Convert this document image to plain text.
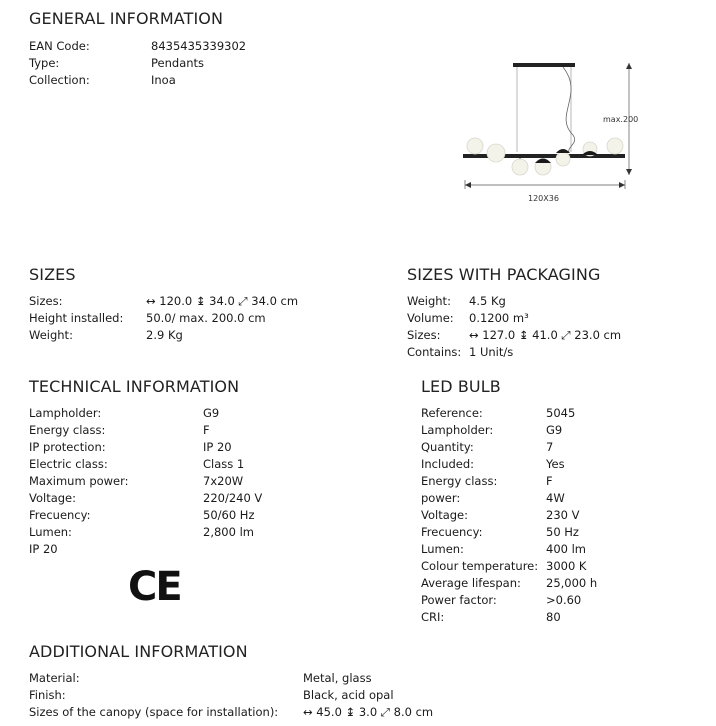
GENERAL INFORMATION
EAN Code:	8435435339302
Type:	Pendants
Collection:	Inoa
max.200
120X36
SIZES
Sizes:	↔ 120.0 ↨ 34.0 ⤢ 34.0 cm
Height installed: 50.0/ max. 200.0 cm
Weight:	2.9 Kg
SIZES WITH PACKAGING
Weight: 4.5 Kg
Volume: 0.1200 m³
Sizes: ↔ 127.0 ↨ 41.0 ⤢ 23.0 cm
Contains: 1 Unit/s
TECHNICAL INFORMATION
Lampholder:	G9
Energy class:	F
IP protection:	IP 20
Electric class:	Class 1
Maximum power:	7x20W
Voltage:	220/240 V
Frecuency:	50/60 Hz
Lumen:	2,800 lm
IP 20
CE
LED BULB
Reference:	5045
Lampholder:	G9
Quantity:	7
Included:	Yes
Energy class:	F
power:	4W
Voltage:	230 V
Frecuency:	50 Hz
Lumen:	400 lm
Colour temperature: 3000 K
Average lifespan: 25,000 h
Power factor:	>0.60
CRI:	80
ADDITIONAL INFORMATION
Material:	Metal, glass
Finish:	Black, acid opal
Sizes of the canopy (space for installation): ↔ 45.0 ↨ 3.0 ⤢ 8.0 cm
